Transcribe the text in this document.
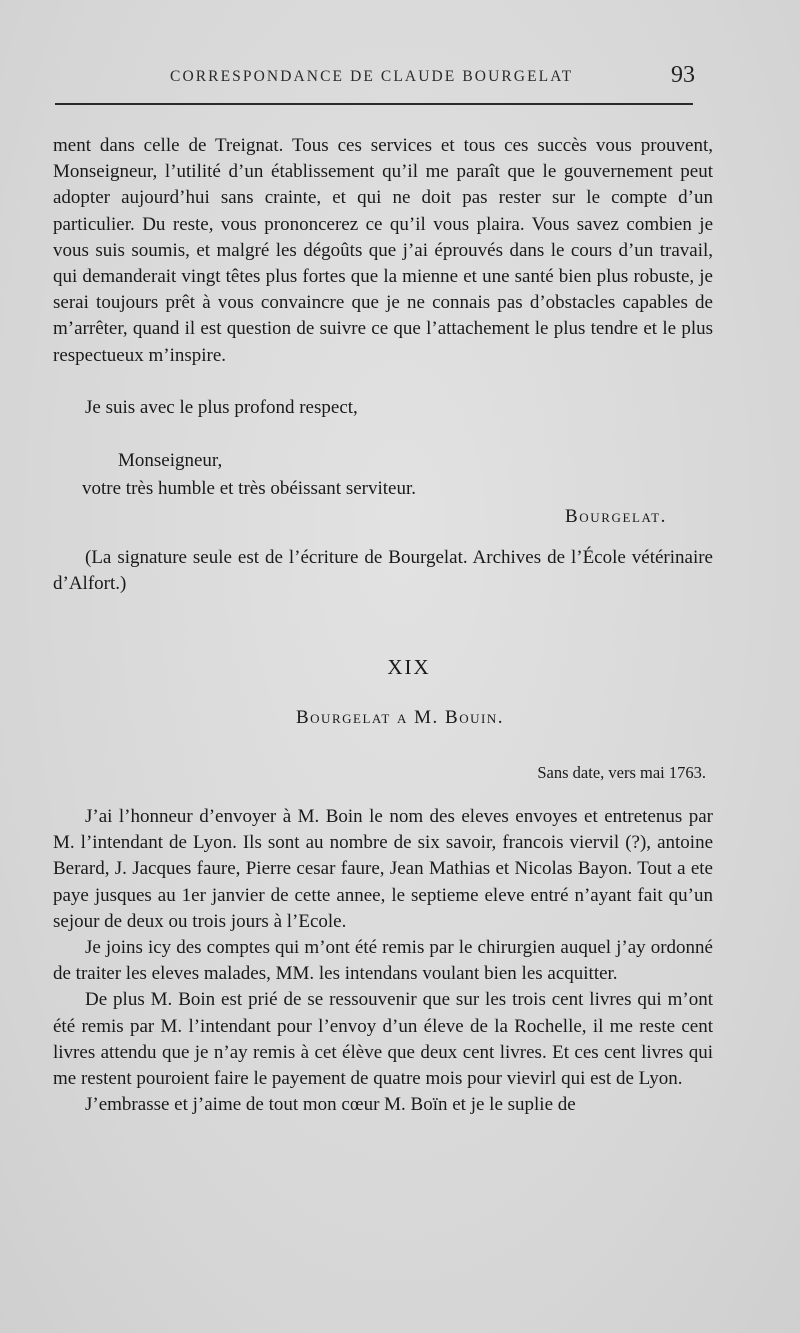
CORRESPONDANCE DE CLAUDE BOURGELAT	93

ment dans celle de Treignat. Tous ces services et tous ces succès vous prouvent, Monseigneur, l’utilité d’un établissement qu’il me paraît que le gouvernement peut adopter aujourd’hui sans crainte, et qui ne doit pas rester sur le compte d’un particulier. Du reste, vous prononcerez ce qu’il vous plaira. Vous savez combien je vous suis soumis, et malgré les dégoûts que j’ai éprouvés dans le cours d’un travail, qui demanderait vingt têtes plus fortes que la mienne et une santé bien plus robuste, je serai toujours prêt à vous convaincre que je ne connais pas d’obstacles capables de m’arrêter, quand il est question de suivre ce que l’attachement le plus tendre et le plus respectueux m’inspire.

Je suis avec le plus profond respect,

Monseigneur,
votre très humble et très obéissant serviteur.
Bourgelat.

(La signature seule est de l’écriture de Bourgelat. Archives de l’École vétérinaire d’Alfort.)

XIX
Bourgelat a M. Bouin.
Sans date, vers mai 1763.

J’ai l’honneur d’envoyer à M. Boin le nom des eleves envoyes et entretenus par M. l’intendant de Lyon. Ils sont au nombre de six savoir, francois viervil (?), antoine Berard, J. Jacques faure, Pierre cesar faure, Jean Mathias et Nicolas Bayon. Tout a ete paye jusques au 1er janvier de cette annee, le septieme eleve entré n’ayant fait qu’un sejour de deux ou trois jours à l’Ecole.

Je joins icy des comptes qui m’ont été remis par le chirurgien auquel j’ay ordonné de traiter les eleves malades, MM. les intendans voulant bien les acquitter.

De plus M. Boin est prié de se ressouvenir que sur les trois cent livres qui m’ont été remis par M. l’intendant pour l’envoy d’un éleve de la Rochelle, il me reste cent livres attendu que je n’ay remis à cet élève que deux cent livres. Et ces cent livres qui me restent pouroient faire le payement de quatre mois pour vievirl qui est de Lyon.

J’embrasse et j’aime de tout mon cœur M. Boïn et je le suplie de
